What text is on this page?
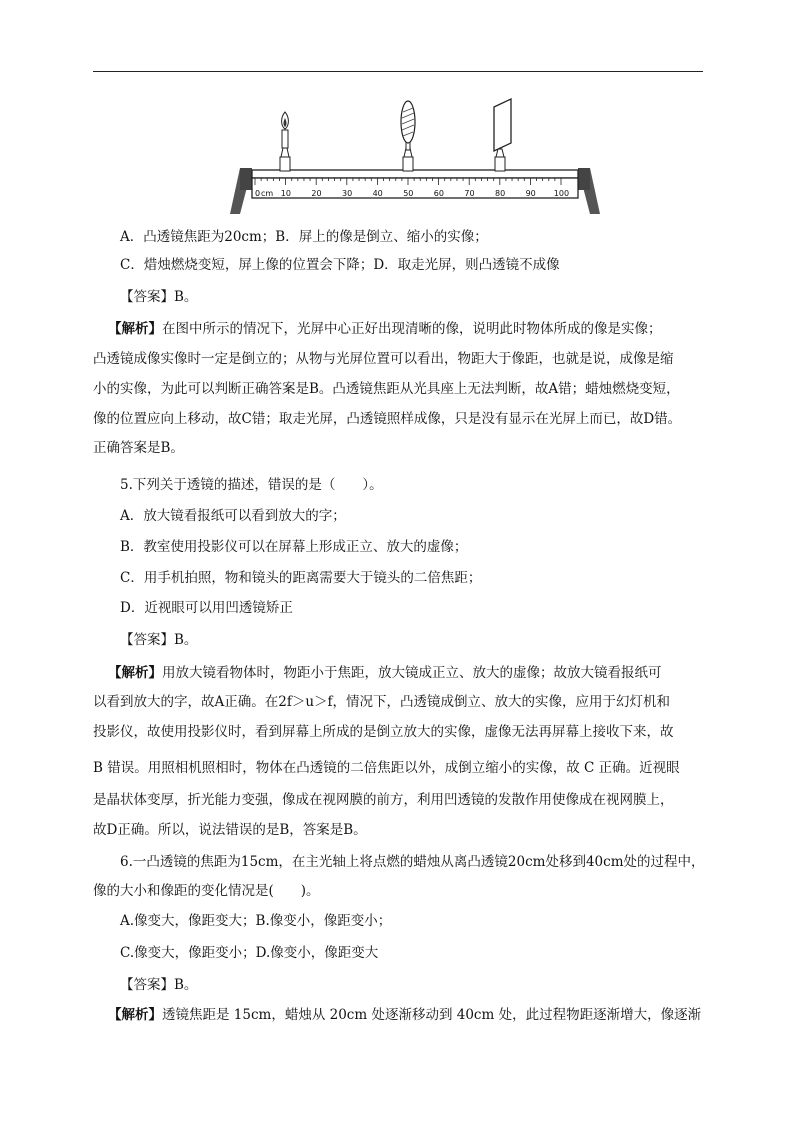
10	20	30	40	50	60	70	80	90 100
0 cm
A．凸透镜焦距为20cm；B．屏上的像是倒立、缩小的实像；
C．焟烛燃烧变短，屏上像的位置会下降；D．取走光屏，则凸透镜不成像
【答案】B。
【解析】在图中所示的情况下，光屏中心正好出现清晰的像，说明此时物体所成的像是实像；
凸透镜成像实像时一定是倒立的；从物与光屏位置可以看出，物距大于像距，也就是说，成像是缩
小的实像，为此可以判断正确答案是B。凸透镜焦距从光具座上无法判断，故A错；蜡烛燃烧变短，
像的位置应向上移动，故C错；取走光屏，凸透镜照样成像，只是没有显示在光屏上而已，故D错。
正确答案是B。
5.下列关于透镜的描述，错误的是（　　）。
A．放大镜看报纸可以看到放大的字；
B．教室使用投影仪可以在屏幕上形成正立、放大的虚像；
C．用手机拍照，物和镜头的距离需要大于镜头的二倍焦距；
D．近视眼可以用凹透镜矫正
【答案】B。
【解析】用放大镜看物体时，物距小于焦距，放大镜成正立、放大的虚像；故放大镜看报纸可
以看到放大的字，故A正确。在2f＞u＞f，情况下，凸透镜成倒立、放大的实像，应用于幻灯机和
投影仪，故使用投影仪时，看到屏幕上所成的是倒立放大的实像，虚像无法再屏幕上接收下来，故
B 错误。用照相机照相时，物体在凸透镜的二倍焦距以外，成倒立缩小的实像，故 C 正确。近视眼
是晶状体变厚，折光能力变强，像成在视网膜的前方，利用凹透镜的发散作用使像成在视网膜上，
故D正确。所以，说法错误的是B，答案是B。
6.一凸透镜的焦距为15cm，在主光轴上将点燃的蜡烛从离凸透镜20cm处移到40cm处的过程中，
像的大小和像距的变化情况是(　　)。
A.像变大，像距变大；B.像变小，像距变小；
C.像变大，像距变小；D.像变小，像距变大
【答案】B。
【解析】透镜焦距是 15cm，蜡烛从 20cm 处逐渐移动到 40cm 处，此过程物距逐渐增大，像逐渐
